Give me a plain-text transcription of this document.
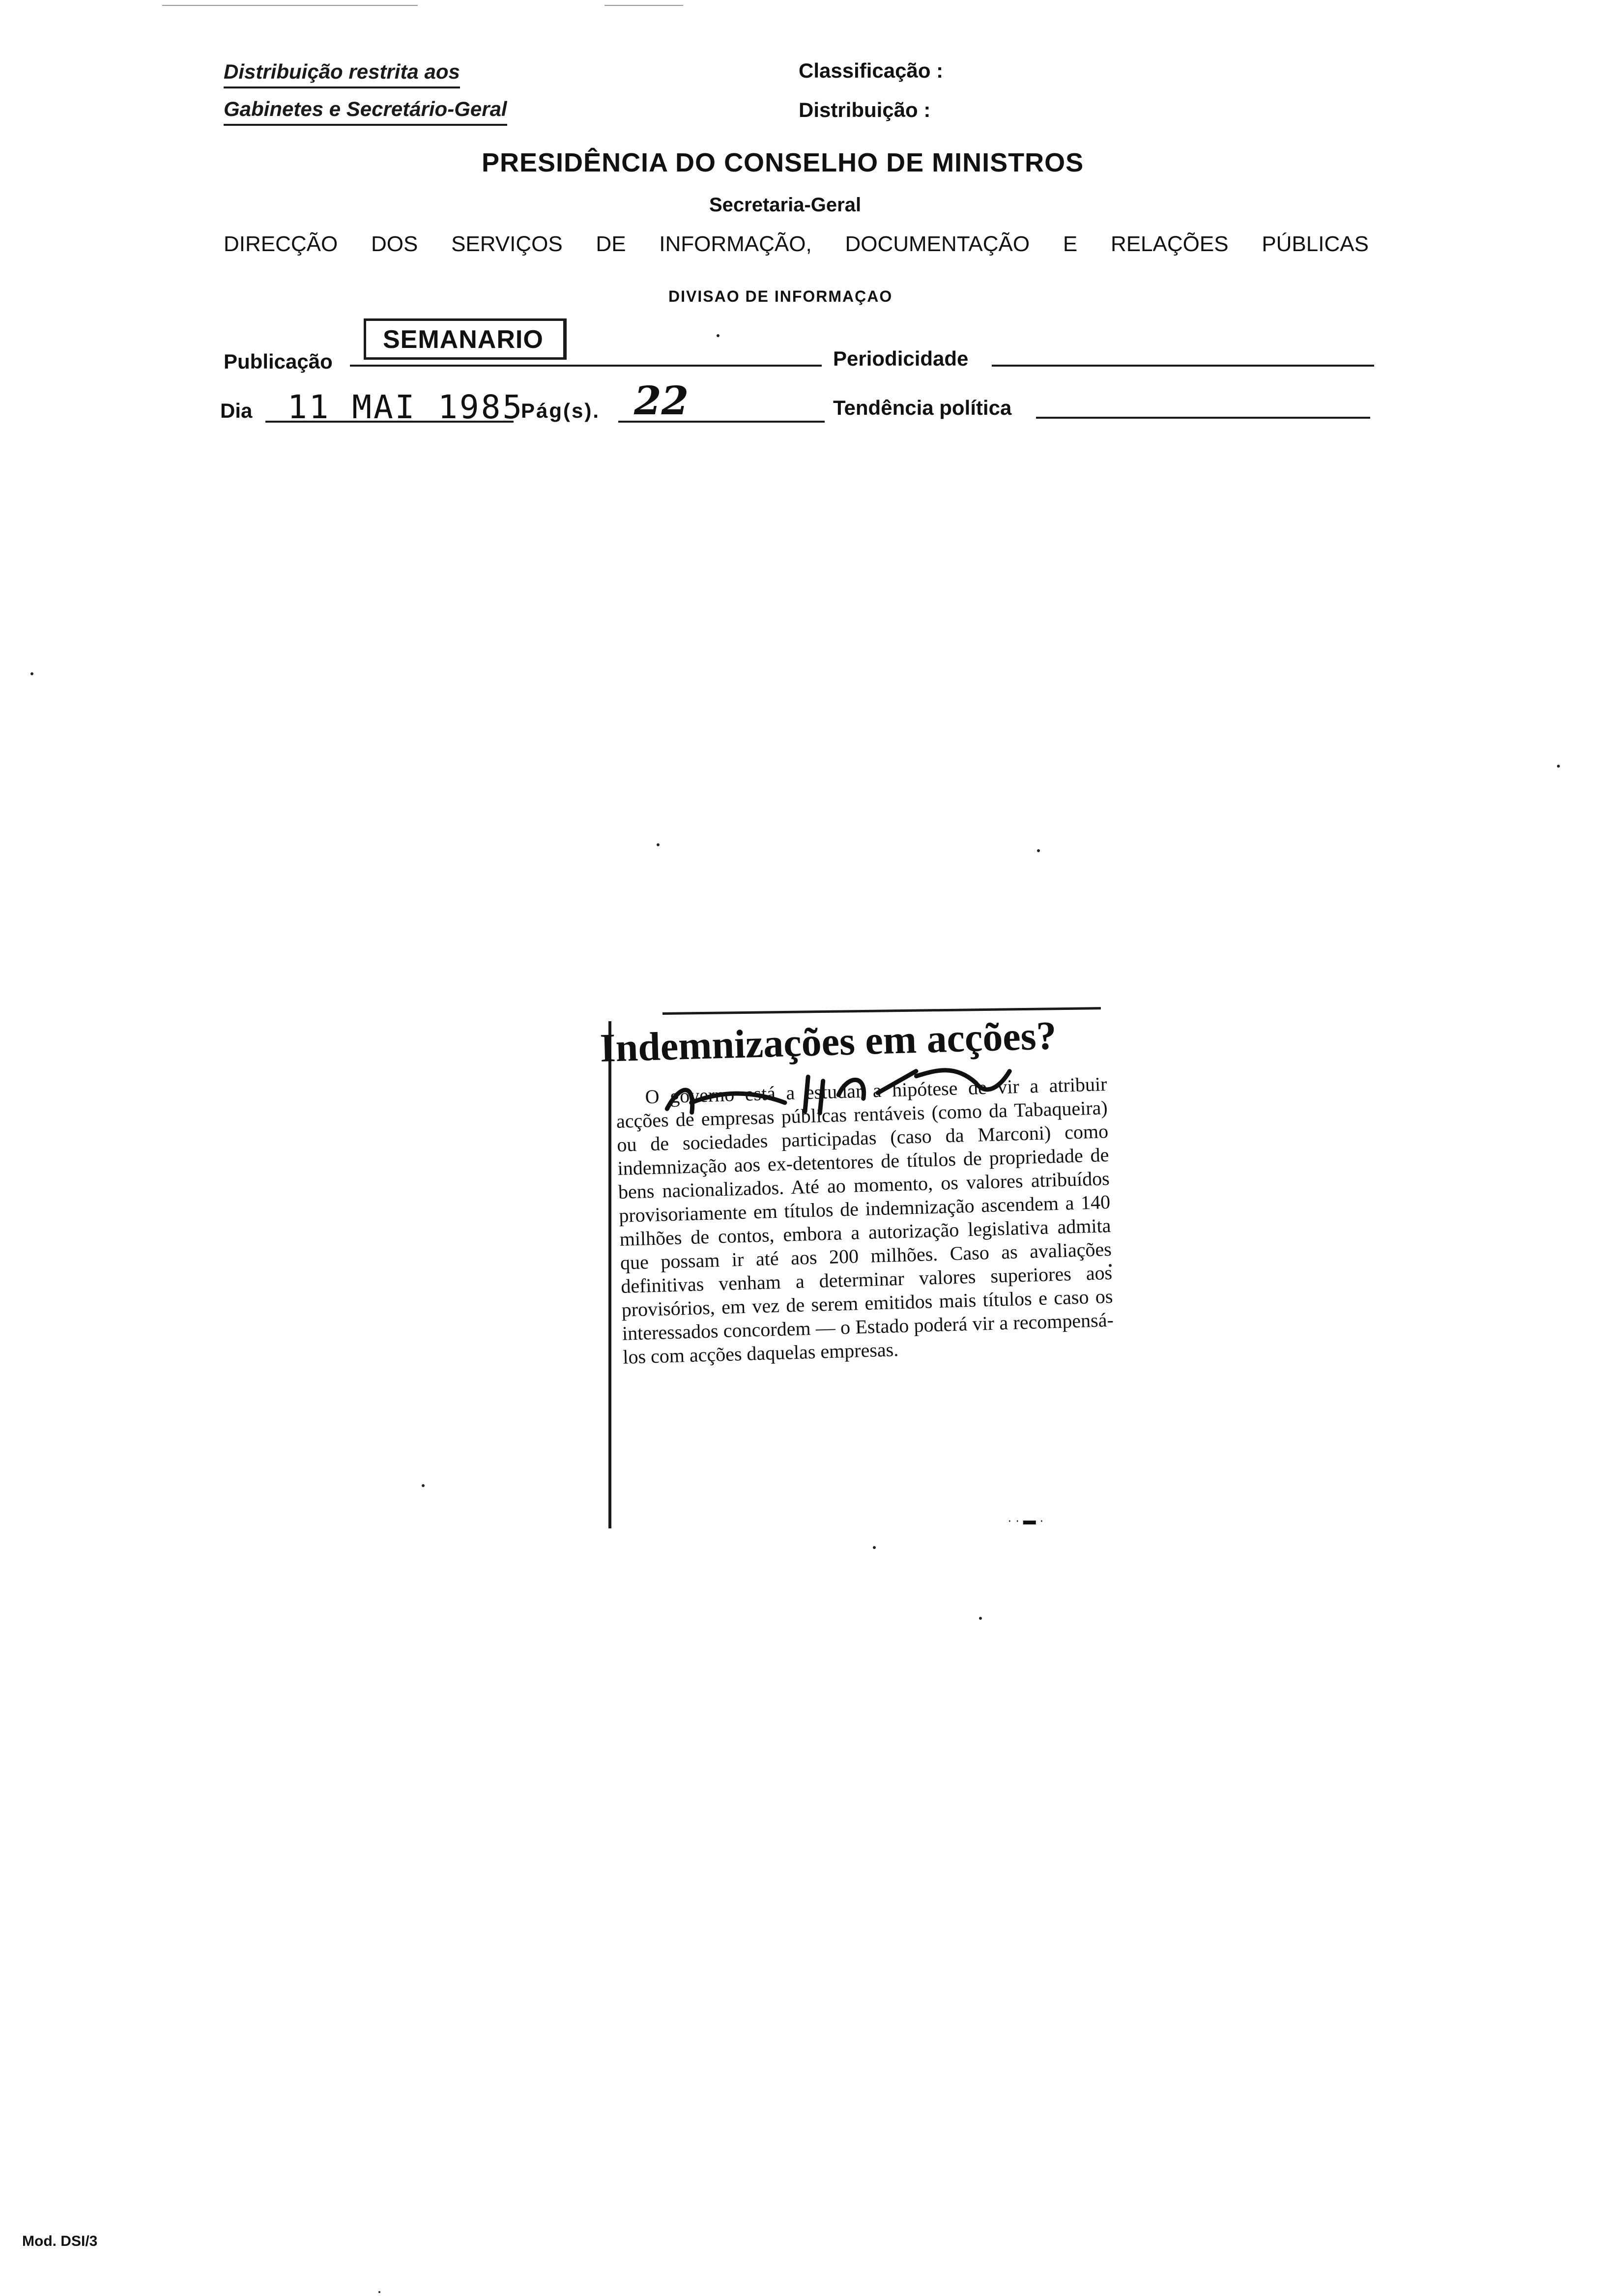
Distribuição restrita aos
Gabinetes e Secretário-Geral
Classificação :
Distribuição :
PRESIDÊNCIA DO CONSELHO DE MINISTROS
Secretaria-Geral
DIRECÇÃO DOS SERVIÇOS DE INFORMAÇÃO, DOCUMENTAÇÃO E RELAÇÕES PÚBLICAS
DIVISAO DE INFORMAÇAO
Publicação
SEMANARIO
Periodicidade
Dia 11 MAI 1985
Pág(s). 22	Tendência política
Indemnizações em acções?

O governo está a estudar a hipótese de vir a atribuir acções de empresas públicas rentáveis (como da Tabaqueira) ou de sociedades participadas (caso da Marconi) como indemnização aos ex-detentores de títulos de propriedade de bens nacionalizados. Até ao momento, os valores atribuídos provisoriamente em títulos de indemnização ascendem a 140 milhões de contos, embora a autorização legislativa admita que possam ir até aos 200 milhões. Caso as avaliações definitivas venham a determinar valores superiores aos provisórios, em vez de serem emitidos mais títulos e caso os interessados concordem — o Estado poderá vir a recompensá-los com acções daquelas empresas.

· · ▬ ·
Mod. DSI/3
